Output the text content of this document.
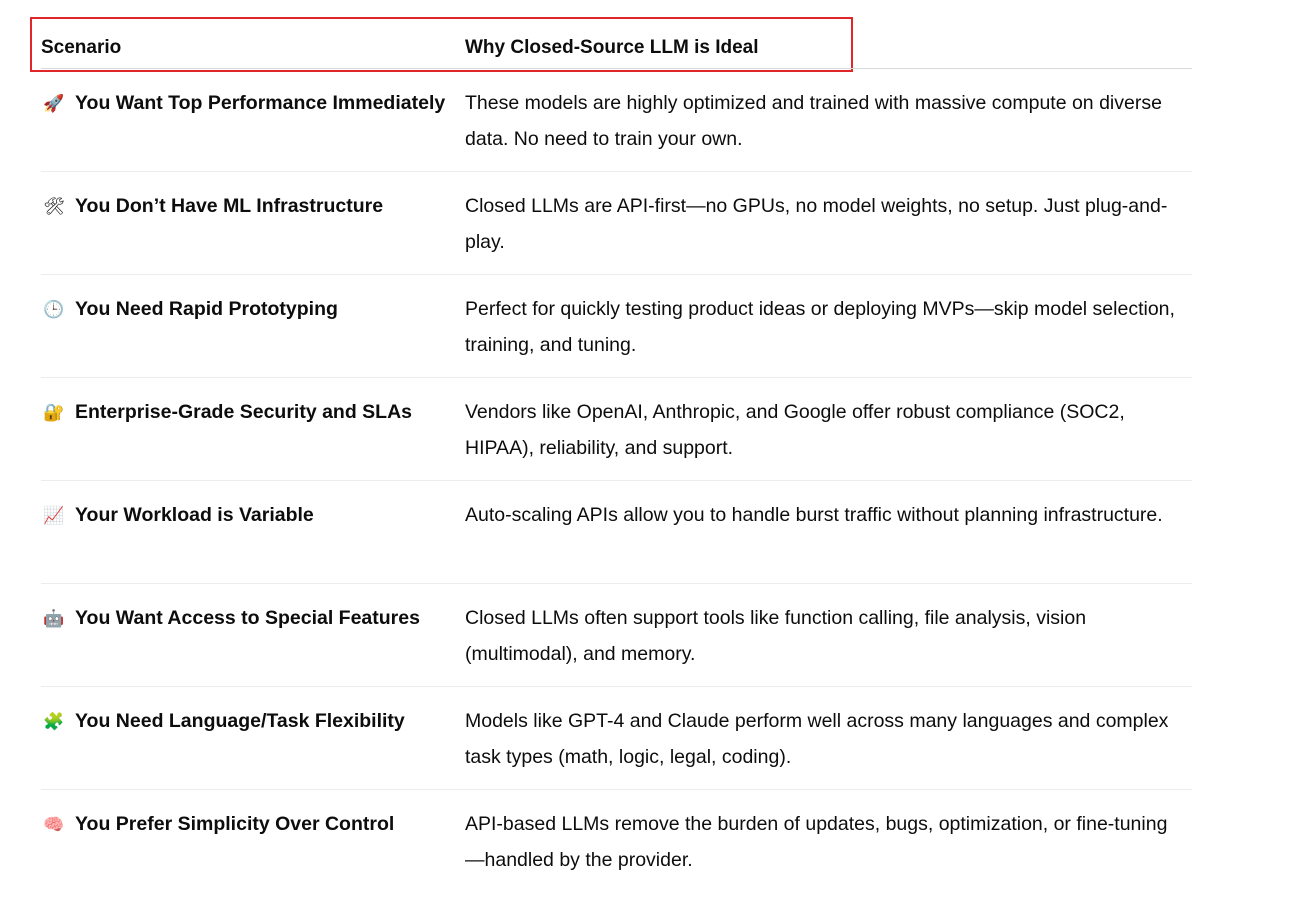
Scenario	Why Closed-Source LLM is Ideal
🚀 You Want Top Performance Immediately	These models are highly optimized and trained with massive compute on diverse data. No need to train your own.
🛠 You Don’t Have ML Infrastructure	Closed LLMs are API-first—no GPUs, no model weights, no setup. Just plug-and-play.
🕒 You Need Rapid Prototyping	Perfect for quickly testing product ideas or deploying MVPs—skip model selection, training, and tuning.
🔐 Enterprise-Grade Security and SLAs	Vendors like OpenAI, Anthropic, and Google offer robust compliance (SOC2, HIPAA), reliability, and support.
📈 Your Workload is Variable	Auto-scaling APIs allow you to handle burst traffic without planning infrastructure.
🤖 You Want Access to Special Features	Closed LLMs often support tools like function calling, file analysis, vision (multimodal), and memory.
🧩 You Need Language/Task Flexibility	Models like GPT-4 and Claude perform well across many languages and complex task types (math, logic, legal, coding).
🧠 You Prefer Simplicity Over Control	API-based LLMs remove the burden of updates, bugs, optimization, or fine-tuning—handled by the provider.
